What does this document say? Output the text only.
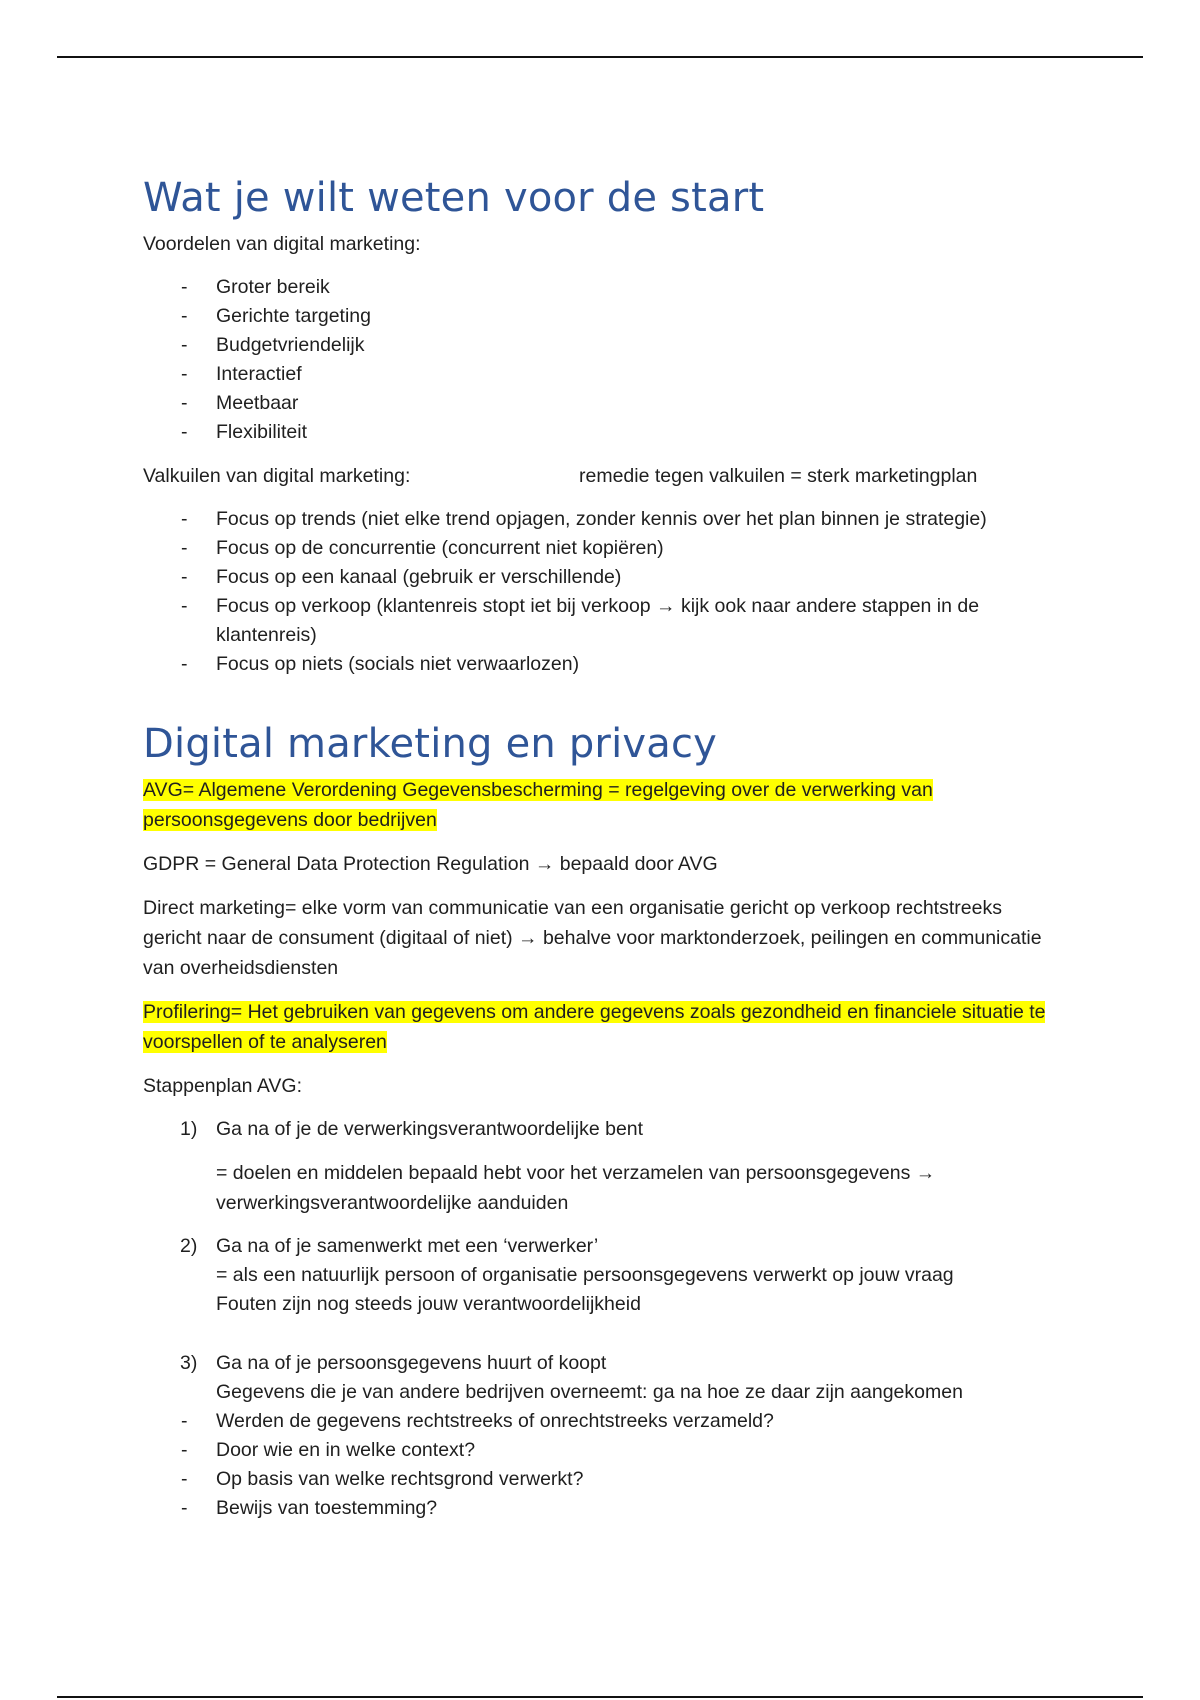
Wat je wilt weten voor de start

Voordelen van digital marketing:

- Groter bereik
- Gerichte targeting
- Budgetvriendelijk
- Interactief
- Meetbaar
- Flexibiliteit

Valkuilen van digital marketing:	remedie tegen valkuilen = sterk marketingplan

- Focus op trends (niet elke trend opjagen, zonder kennis over het plan binnen je strategie)
- Focus op de concurrentie (concurrent niet kopiëren)
- Focus op een kanaal (gebruik er verschillende)
- Focus op verkoop (klantenreis stopt iet bij verkoop → kijk ook naar andere stappen in de klantenreis)
- Focus op niets (socials niet verwaarlozen)
Digital marketing en privacy

AVG= Algemene Verordening Gegevensbescherming = regelgeving over de verwerking van persoonsgegevens door bedrijven

GDPR = General Data Protection Regulation → bepaald door AVG

Direct marketing= elke vorm van communicatie van een organisatie gericht op verkoop rechtstreeks gericht naar de consument (digitaal of niet) → behalve voor marktonderzoek, peilingen en communicatie van overheidsdiensten

Profilering= Het gebruiken van gegevens om andere gegevens zoals gezondheid en financiele situatie te voorspellen of te analyseren

Stappenplan AVG:

1) Ga na of je de verwerkingsverantwoordelijke bent

= doelen en middelen bepaald hebt voor het verzamelen van persoonsgegevens → verwerkingsverantwoordelijke aanduiden

2) Ga na of je samenwerkt met een ‘verwerker’
= als een natuurlijk persoon of organisatie persoonsgegevens verwerkt op jouw vraag
Fouten zijn nog steeds jouw verantwoordelijkheid
3) Ga na of je persoonsgegevens huurt of koopt
Gegevens die je van andere bedrijven overneemt: ga na hoe ze daar zijn aangekomen
- Werden de gegevens rechtstreeks of onrechtstreeks verzameld?
- Door wie en in welke context?
- Op basis van welke rechtsgrond verwerkt?
- Bewijs van toestemming?
